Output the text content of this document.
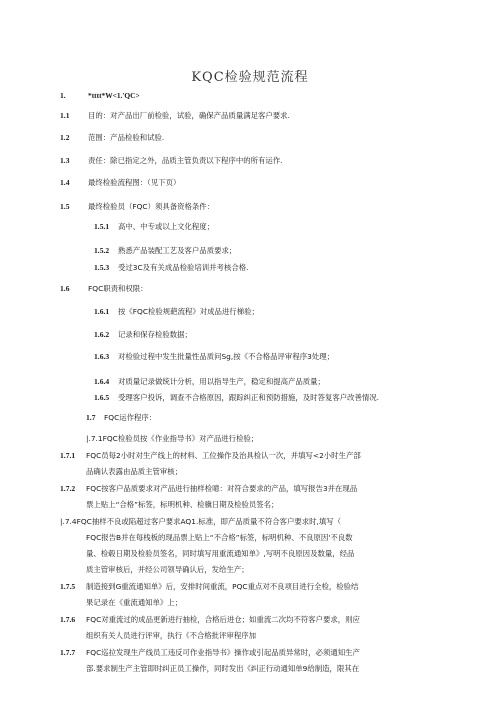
KQC检验规范流程
1.	*tttt*W<1.'QC>
1.1	目的：对产品出厂前检验，试验，确保产品质量满足客户要求.
1.2	范围：产品检验和试验.
1.3	责任：除已指定之外，品质主管负责以下程序中的所有运作.
1.4	最终检验流程图：（见下页）
1.5	最终检验员（FQC）须具备资格条件：
1.5.1 高中、中专或以上文化程度；
1.5.2 熟悉产品装配工艺及客户品质要求；
1.5.3 受过3C及有关成品检验培训并考核合格.
1.6	FQC职责和权限：
1.6.1 按《FQC检验规葩流程》对成品进行梯验；
1.6.2 记录和保存检验数据；
1.6.3 对检验过程中发生批量性品质问Sg,按《不合格品评审程序3处理；
1.6.4 对质量记录做统计分析，用以指导生产，稳定和提高产品质量；
1.6.5 受理客户投诉，调查不合格原因，跟踪纠正和预防措施，及时答复客户改善情况.
1.7 FQC运作程序：
|.7.1FQC检验员按《作业指导书》对产品进行检验；
1.7.1 FQC员每2小时对生产线上的材料、工位操作及治具检认一次，并填写<2小时生产部
品确认表露由品质主管审核；
1.7.2 FQC按客户品质要求对产品进行抽样检噫：对符合要求的产品，填写报告3并在现品
票上贴上“合格”标签，标明机种、检骥日期及检验员签名；
|.7.4FQC抽样不良或陷超过客户要求AQ1.标准，即产品质量不符合客户要求时,填写（
FQC报告B并在每栈板的现品票上贴上“不合格”标签，标明机种、不良原因'不良数
量、检毂日期及检验员签名，同时填写用重流通知单》,写明不良原因及数量，经品
质主管审核后，并经公司领导确认后，发给生产；
1.7.5 制造接到G重流通知单》后，安排时间重流，PQC重点对不良项目进行全检，检验结
果记录在《重流通知单》上；
1.7.6 FQC对重流过的成品更新进行抽检，合格后进仓；如重流二次均不符客户要求，则应
组织有关人员进行评审，执行《不合格批评审程序加
1.7.7 FQC巡拉发现生产线员工违反可作业指导书》操作或引起品质异常时，必须通知生产
部.要求制生产主管即时纠正员工操作，同时发出《纠正行动通知单9给制造，限其在
